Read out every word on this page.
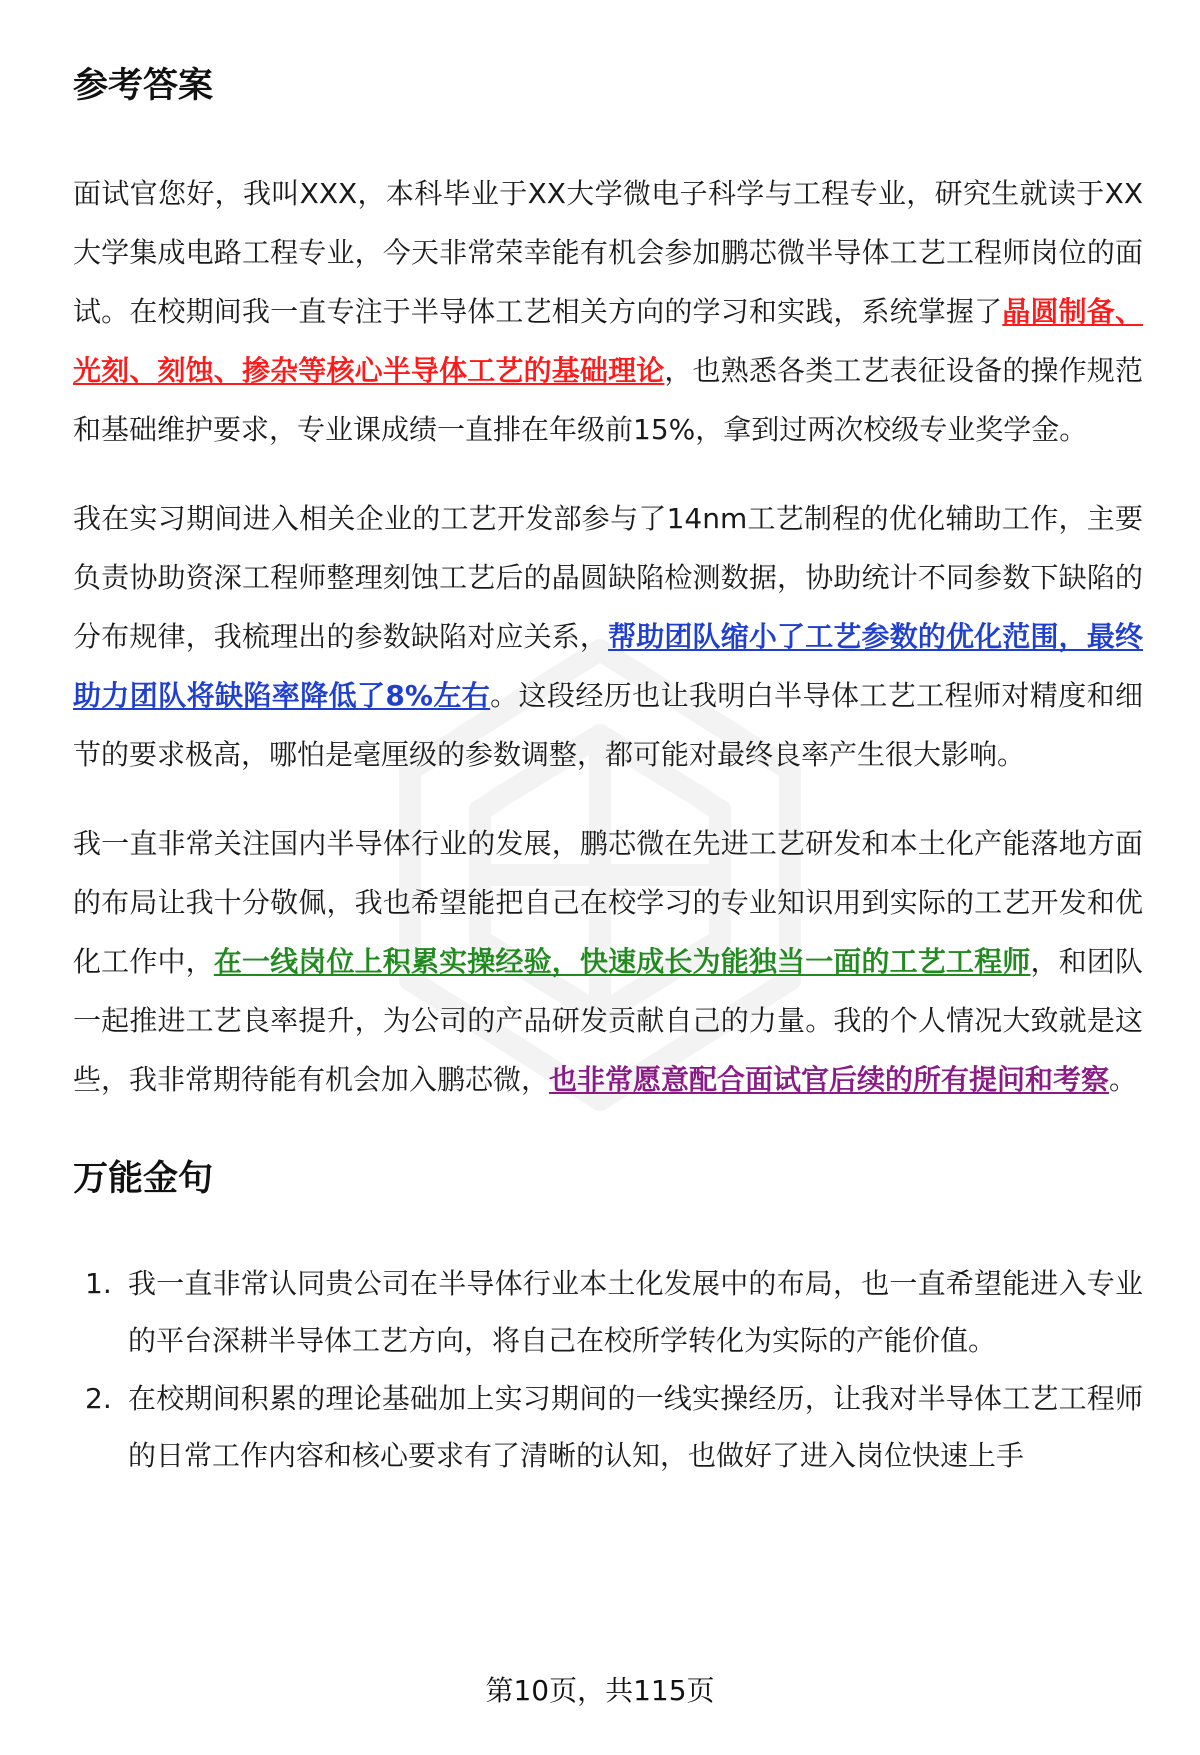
参考答案

面试官您好，我叫XXX，本科毕业于XX大学微电子科学与工程专业，研究生就读于XX大学集成电路工程专业，今天非常荣幸能有机会参加鹏芯微半导体工艺工程师岗位的面试。在校期间我一直专注于半导体工艺相关方向的学习和实践，系统掌握了晶圆制备、光刻、刻蚀、掺杂等核心半导体工艺的基础理论，也熟悉各类工艺表征设备的操作规范和基础维护要求，专业课成绩一直排在年级前15%，拿到过两次校级专业奖学金。

我在实习期间进入相关企业的工艺开发部参与了14nm工艺制程的优化辅助工作，主要负责协助资深工程师整理刻蚀工艺后的晶圆缺陷检测数据，协助统计不同参数下缺陷的分布规律，我梳理出的参数缺陷对应关系，帮助团队缩小了工艺参数的优化范围，最终助力团队将缺陷率降低了8%左右。这段经历也让我明白半导体工艺工程师对精度和细节的要求极高，哪怕是毫厘级的参数调整，都可能对最终良率产生很大影响。

我一直非常关注国内半导体行业的发展，鹏芯微在先进工艺研发和本土化产能落地方面的布局让我十分敬佩，我也希望能把自己在校学习的专业知识用到实际的工艺开发和优化工作中，在一线岗位上积累实操经验，快速成长为能独当一面的工艺工程师，和团队一起推进工艺良率提升，为公司的产品研发贡献自己的力量。我的个人情况大致就是这些，我非常期待能有机会加入鹏芯微，也非常愿意配合面试官后续的所有提问和考察。

万能金句
1. 我一直非常认同贵公司在半导体行业本土化发展中的布局，也一直希望能进入专业的平台深耕半导体工艺方向，将自己在校所学转化为实际的产能价值。
2. 在校期间积累的理论基础加上实习期间的一线实操经历，让我对半导体工艺工程师的日常工作内容和核心要求有了清晰的认知，也做好了进入岗位快速上手
第10页，共115页
